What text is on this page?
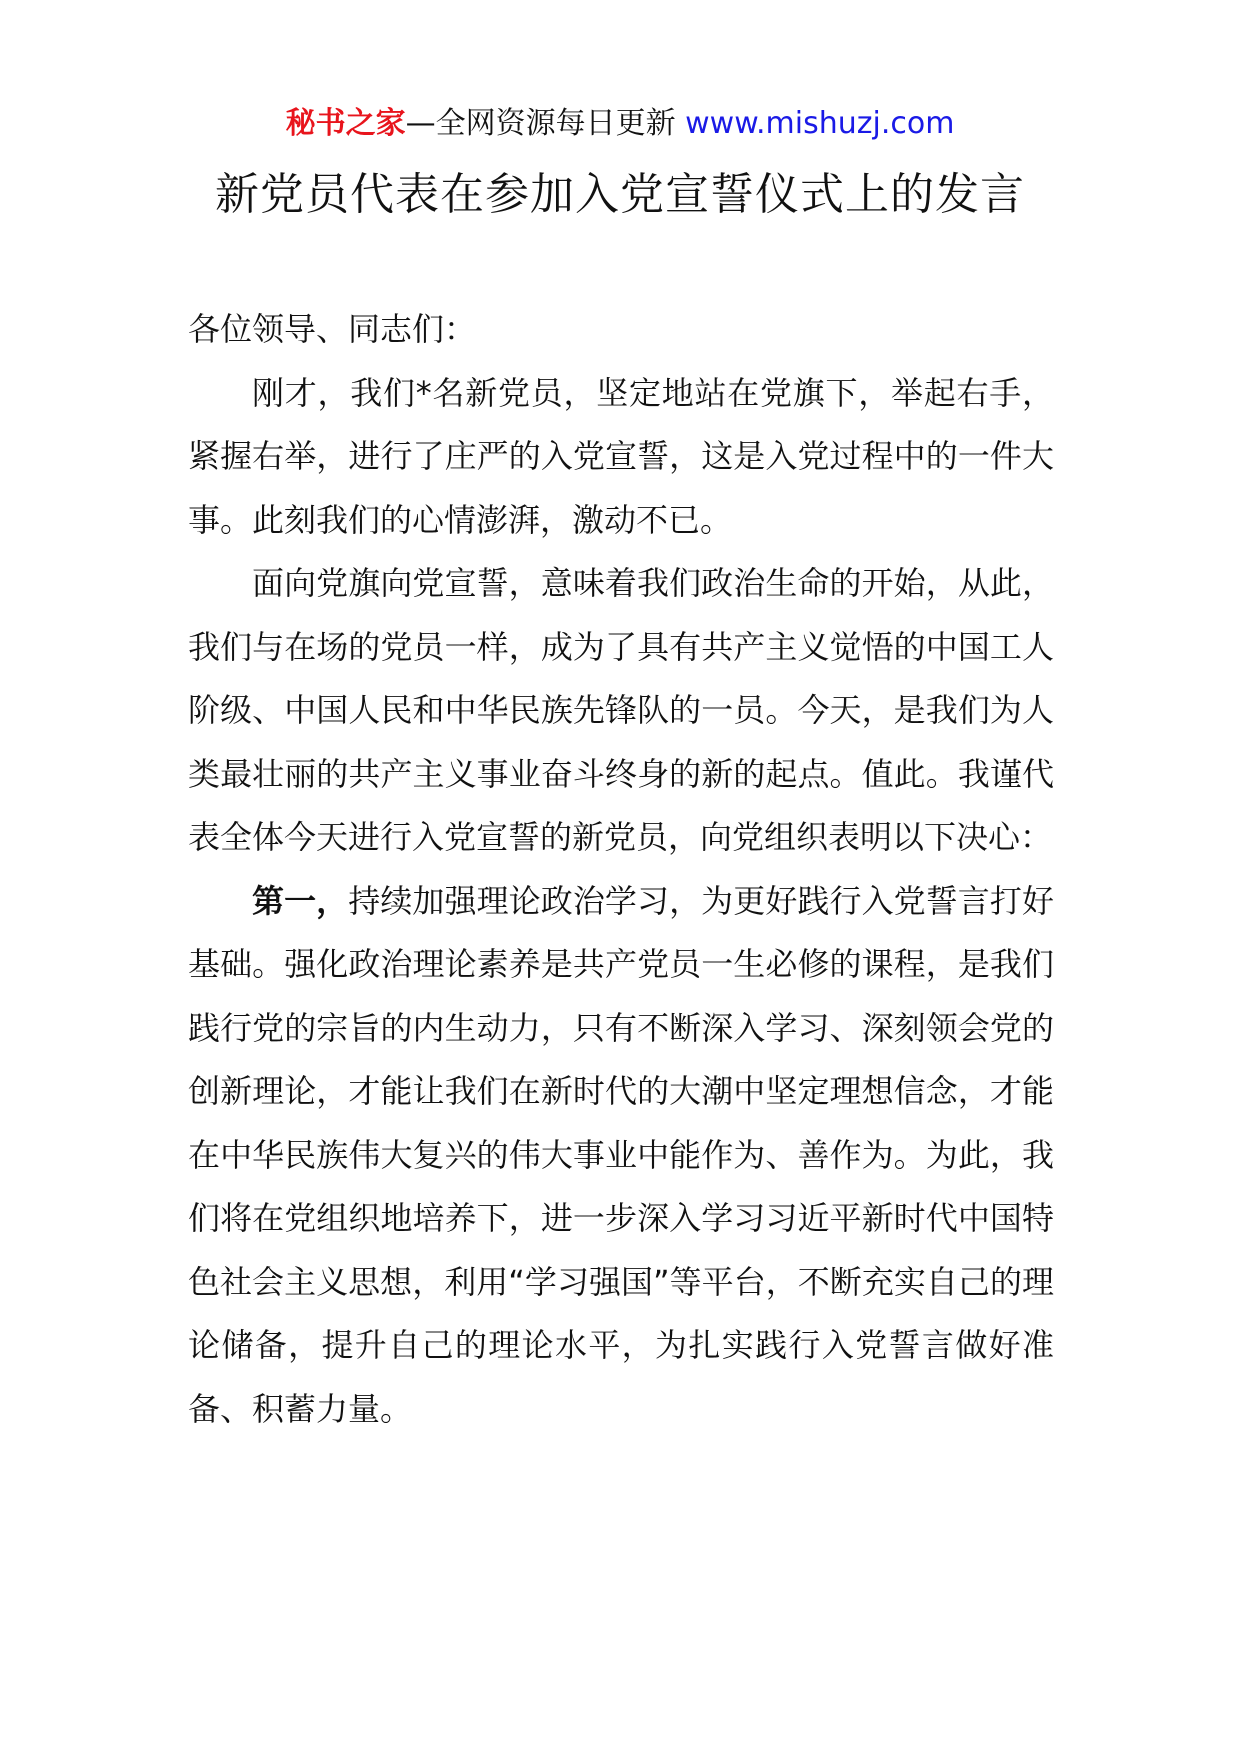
秘书之家—全网资源每日更新 www.mishuzj.com
新党员代表在参加入党宣誓仪式上的发言

各位领导、同志们：

刚才，我们*名新党员，坚定地站在党旗下，举起右手，紧握右举，进行了庄严的入党宣誓，这是入党过程中的一件大事。此刻我们的心情澎湃，激动不已。

面向党旗向党宣誓，意味着我们政治生命的开始，从此，我们与在场的党员一样，成为了具有共产主义觉悟的中国工人阶级、中国人民和中华民族先锋队的一员。今天，是我们为人类最壮丽的共产主义事业奋斗终身的新的起点。值此。我谨代表全体今天进行入党宣誓的新党员，向党组织表明以下决心：

第一，持续加强理论政治学习，为更好践行入党誓言打好基础。强化政治理论素养是共产党员一生必修的课程，是我们践行党的宗旨的内生动力，只有不断深入学习、深刻领会党的创新理论，才能让我们在新时代的大潮中坚定理想信念，才能在中华民族伟大复兴的伟大事业中能作为、善作为。为此，我们将在党组织地培养下，进一步深入学习习近平新时代中国特色社会主义思想，利用“学习强国”等平台，不断充实自己的理论储备，提升自己的理论水平，为扎实践行入党誓言做好准备、积蓄力量。
